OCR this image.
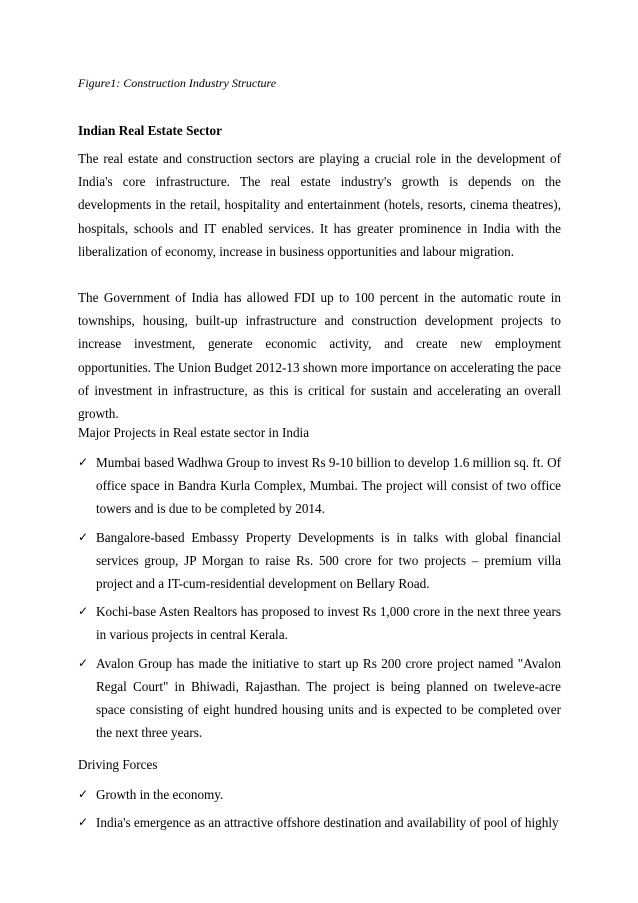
Figure1: Construction Industry Structure
Indian Real Estate Sector

The real estate and construction sectors are playing a crucial role in the development of India's core infrastructure. The real estate industry's growth is depends on the developments in the retail, hospitality and entertainment (hotels, resorts, cinema theatres), hospitals, schools and IT enabled services. It has greater prominence in India with the liberalization of economy, increase in business opportunities and labour migration.

The Government of India has allowed FDI up to 100 percent in the automatic route in townships, housing, built-up infrastructure and construction development projects to increase investment, generate economic activity, and create new employment opportunities. The Union Budget 2012-13 shown more importance on accelerating the pace of investment in infrastructure, as this is critical for sustain and accelerating an overall growth.

Major Projects in Real estate sector in India
✓ Mumbai based Wadhwa Group to invest Rs 9-10 billion to develop 1.6 million sq. ft. Of office space in Bandra Kurla Complex, Mumbai. The project will consist of two office towers and is due to be completed by 2014.
✓ Bangalore-based Embassy Property Developments is in talks with global financial services group, JP Morgan to raise Rs. 500 crore for two projects – premium villa project and a IT-cum-residential development on Bellary Road.
✓ Kochi-base Asten Realtors has proposed to invest Rs 1,000 crore in the next three years in various projects in central Kerala.
✓ Avalon Group has made the initiative to start up Rs 200 crore project named "Avalon Regal Court" in Bhiwadi, Rajasthan. The project is being planned on tweleve-acre space consisting of eight hundred housing units and is expected to be completed over the next three years.
Driving Forces
✓ Growth in the economy.
✓ India's emergence as an attractive offshore destination and availability of pool of highly
